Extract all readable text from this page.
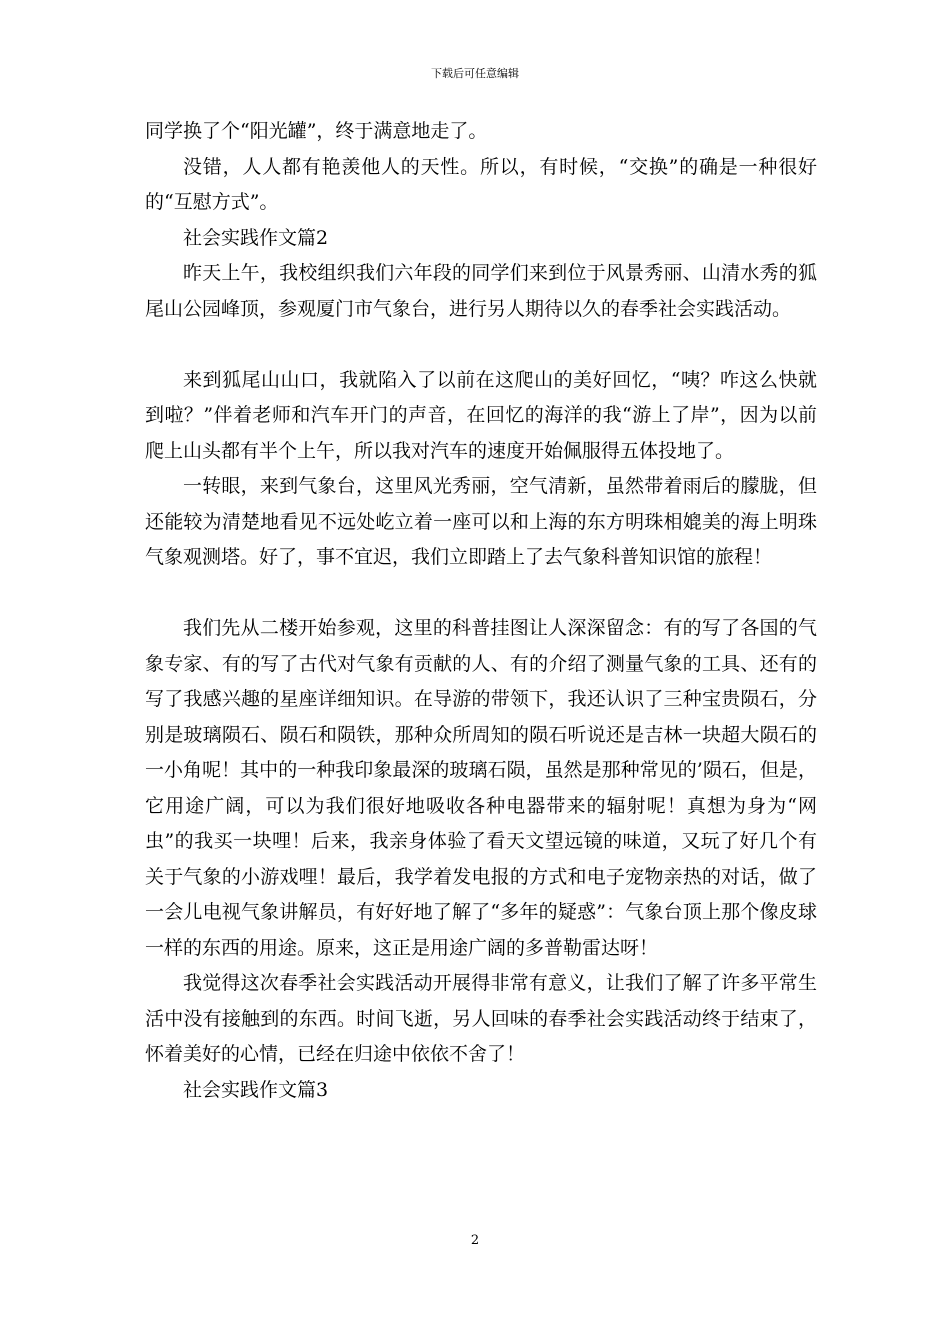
下载后可任意编辑

同学换了个“阳光罐”，终于满意地走了。

没错，人人都有艳羡他人的天性。所以，有时候，“交换”的确是一种很好的“互慰方式”。

社会实践作文篇2

昨天上午，我校组织我们六年段的同学们来到位于风景秀丽、山清水秀的狐尾山公园峰顶，参观厦门市气象台，进行另人期待以久的春季社会实践活动。

来到狐尾山山口，我就陷入了以前在这爬山的美好回忆，“咦？咋这么快就到啦？”伴着老师和汽车开门的声音，在回忆的海洋的我“游上了岸”，因为以前爬上山头都有半个上午，所以我对汽车的速度开始佩服得五体投地了。

一转眼，来到气象台，这里风光秀丽，空气清新，虽然带着雨后的朦胧，但还能较为清楚地看见不远处屹立着一座可以和上海的东方明珠相媲美的海上明珠气象观测塔。好了，事不宜迟，我们立即踏上了去气象科普知识馆的旅程！

我们先从二楼开始参观，这里的科普挂图让人深深留念：有的写了各国的气象专家、有的写了古代对气象有贡献的人、有的介绍了测量气象的工具、还有的写了我感兴趣的星座详细知识。在导游的带领下，我还认识了三种宝贵陨石，分别是玻璃陨石、陨石和陨铁，那种众所周知的陨石听说还是吉林一块超大陨石的一小角呢！其中的一种我印象最深的玻璃石陨，虽然是那种常见的’陨石，但是，它用途广阔，可以为我们很好地吸收各种电器带来的辐射呢！真想为身为“网虫”的我买一块哩！后来，我亲身体验了看天文望远镜的味道，又玩了好几个有关于气象的小游戏哩！最后，我学着发电报的方式和电子宠物亲热的对话，做了一会儿电视气象讲解员，有好好地了解了“多年的疑惑”：气象台顶上那个像皮球一样的东西的用途。原来，这正是用途广阔的多普勒雷达呀！

我觉得这次春季社会实践活动开展得非常有意义，让我们了解了许多平常生活中没有接触到的东西。时间飞逝，另人回味的春季社会实践活动终于结束了，怀着美好的心情，已经在归途中依依不舍了！

社会实践作文篇3

2
